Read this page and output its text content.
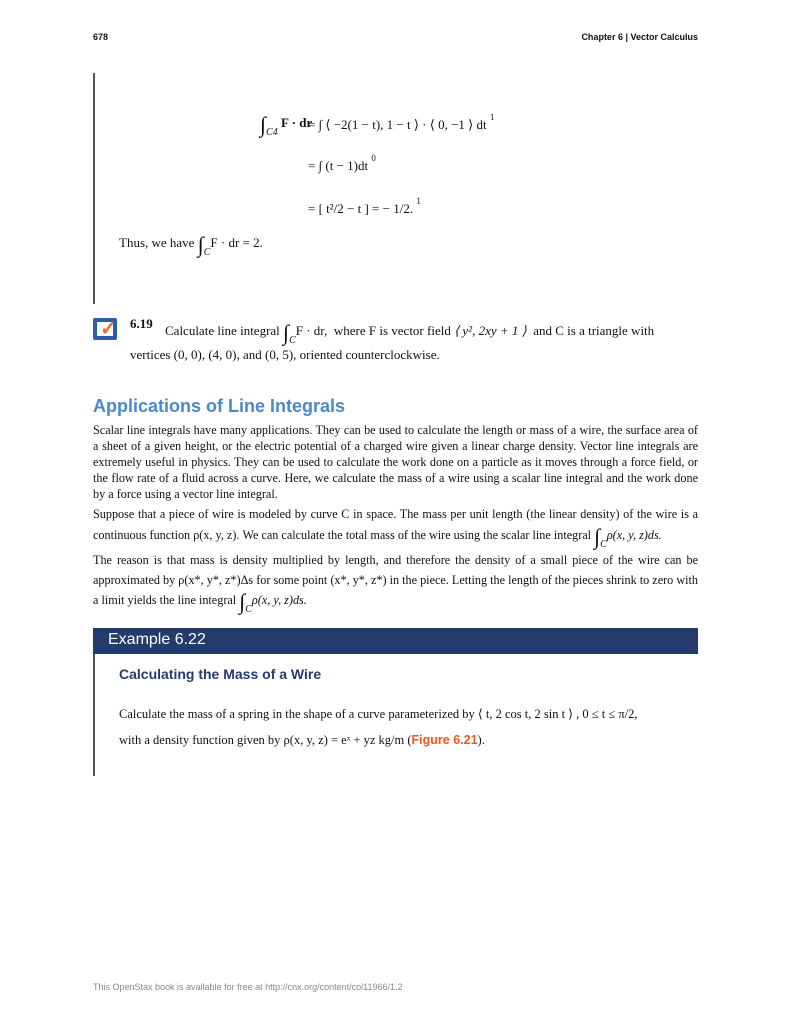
678	Chapter 6 | Vector Calculus
$\int_{C4}$ F · dr
= ∫ ⟨ −2(1 − t), 1 − t ⟩ · ⟨ 0, −1 ⟩ dt $^1$
= ∫ (t − 1)dt $^0$
= [ t²/2 − t ] = − 1/2. $^1$
Thus, we have $\int_CF$ · dr = 2.
✓ 6.19 Calculate line integral $\int_CF$ · dr, where F is vector field ⟨ y², 2xy + 1 ⟩ and C is a triangle with
vertices (0, 0), (4, 0), and (0, 5), oriented counterclockwise.
Applications of Line Integrals
Scalar line integrals have many applications. They can be used to calculate the length or mass of a wire, the surface area of a sheet of a given height, or the electric potential of a charged wire given a linear charge density. Vector line integrals are extremely useful in physics. They can be used to calculate the work done on a particle as it moves through a force field, or the flow rate of a fluid across a curve. Here, we calculate the mass of a wire using a scalar line integral and the work done by a force using a vector line integral.
Suppose that a piece of wire is modeled by curve C in space. The mass per unit length (the linear density) of the wire is a continuous function ρ(x, y, z). We can calculate the total mass of the wire using the scalar line integral $\int_C\rho(x$, y, z)ds.
The reason is that mass is density multiplied by length, and therefore the density of a small piece of the wire can be approximated by ρ(x*, y*, z*)Δs for some point (x*, y*, z*) in the piece. Letting the length of the pieces shrink to zero with a limit yields the line integral $\int_C\rho(x$, y, z)ds.
Example 6.22
Calculating the Mass of a Wire
Calculate the mass of a spring in the shape of a curve parameterized by ⟨ t, 2 cos t, 2 sin t ⟩ , 0 ≤ t ≤ π/2,
with a density function given by ρ(x, y, z) = eˣ + yz kg/m (Figure 6.21).
This OpenStax book is available for free at http://cnx.org/content/col11966/1.2
